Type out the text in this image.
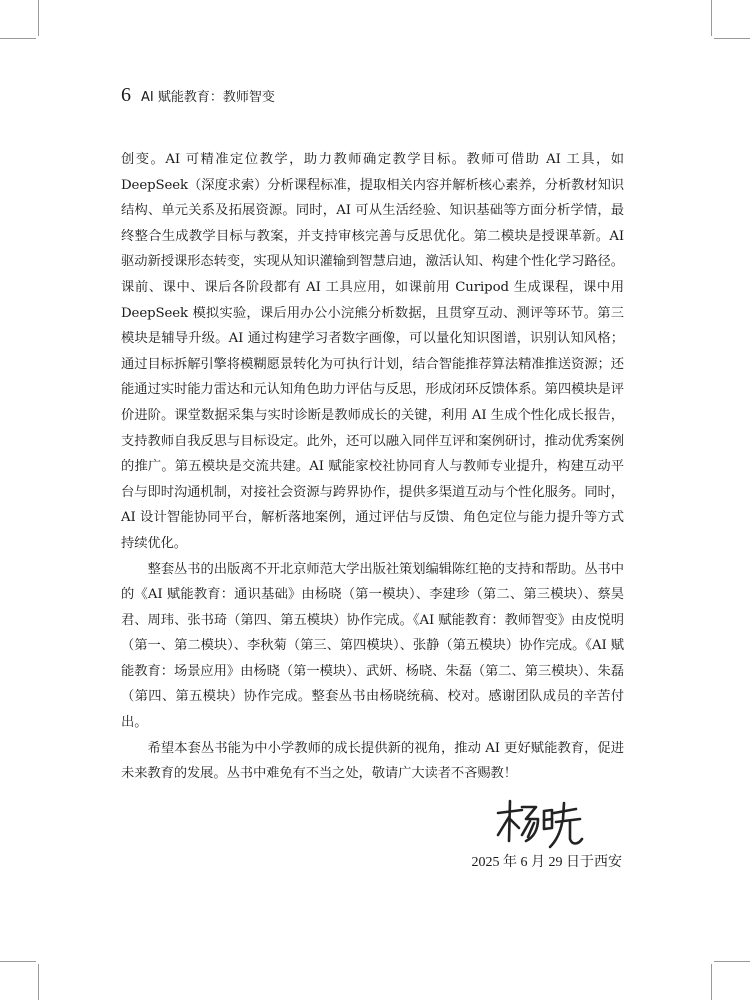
6 AI 赋能教育：教师智变

创变。AI 可精准定位教学，助力教师确定教学目标。教师可借助 AI 工具，如 DeepSeek（深度求索）分析课程标准，提取相关内容并解析核心素养，分析教材知识结构、单元关系及拓展资源。同时，AI 可从生活经验、知识基础等方面分析学情，最终整合生成教学目标与教案，并支持审核完善与反思优化。第二模块是授课革新。AI 驱动新授课形态转变，实现从知识灌输到智慧启迪，激活认知、构建个性化学习路径。课前、课中、课后各阶段都有 AI 工具应用，如课前用 Curipod 生成课程，课中用 DeepSeek 模拟实验，课后用办公小浣熊分析数据，且贯穿互动、测评等环节。第三模块是辅导升级。AI 通过构建学习者数字画像，可以量化知识图谱，识别认知风格；通过目标拆解引擎将模糊愿景转化为可执行计划，结合智能推荐算法精准推送资源；还能通过实时能力雷达和元认知角色助力评估与反思，形成闭环反馈体系。第四模块是评价进阶。课堂数据采集与实时诊断是教师成长的关键，利用 AI 生成个性化成长报告，支持教师自我反思与目标设定。此外，还可以融入同伴互评和案例研讨，推动优秀案例的推广。第五模块是交流共建。AI 赋能家校社协同育人与教师专业提升，构建互动平台与即时沟通机制，对接社会资源与跨界协作，提供多渠道互动与个性化服务。同时，AI 设计智能协同平台，解析落地案例，通过评估与反馈、角色定位与能力提升等方式持续优化。

整套丛书的出版离不开北京师范大学出版社策划编辑陈红艳的支持和帮助。丛书中的《AI 赋能教育：通识基础》由杨晓（第一模块）、李建珍（第二、第三模块）、蔡昊君、周玮、张书琦（第四、第五模块）协作完成。《AI 赋能教育：教师智变》由皮悦明（第一、第二模块）、李秋菊（第三、第四模块）、张静（第五模块）协作完成。《AI 赋能教育：场景应用》由杨晓（第一模块）、武妍、杨晓、朱磊（第二、第三模块）、朱磊（第四、第五模块）协作完成。整套丛书由杨晓统稿、校对。感谢团队成员的辛苦付出。

希望本套丛书能为中小学教师的成长提供新的视角，推动 AI 更好赋能教育，促进未来教育的发展。丛书中难免有不当之处，敬请广大读者不吝赐教！

2025 年 6 月 29 日于西安
